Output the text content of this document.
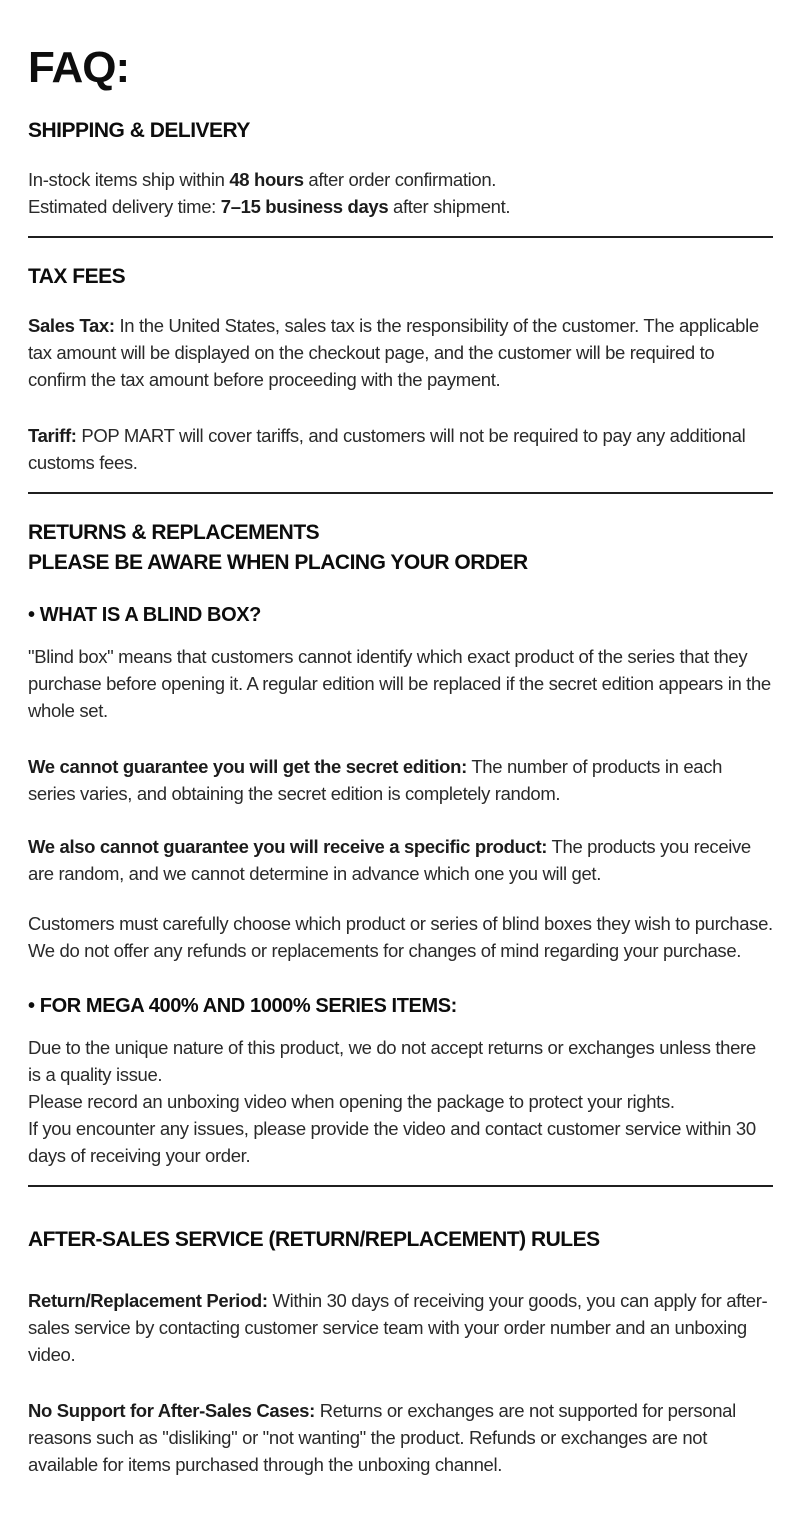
FAQ:
SHIPPING & DELIVERY

In-stock items ship within 48 hours after order confirmation.
Estimated delivery time: 7–15 business days after shipment.

TAX FEES

Sales Tax: In the United States, sales tax is the responsibility of the customer. The applicable tax amount will be displayed on the checkout page, and the customer will be required to confirm the tax amount before proceeding with the payment.

Tariff: POP MART will cover tariffs, and customers will not be required to pay any additional customs fees.

RETURNS & REPLACEMENTS
PLEASE BE AWARE WHEN PLACING YOUR ORDER
• WHAT IS A BLIND BOX?

"Blind box" means that customers cannot identify which exact product of the series that they purchase before opening it. A regular edition will be replaced if the secret edition appears in the whole set.

We cannot guarantee you will get the secret edition: The number of products in each series varies, and obtaining the secret edition is completely random.

We also cannot guarantee you will receive a specific product: The products you receive are random, and we cannot determine in advance which one you will get.

Customers must carefully choose which product or series of blind boxes they wish to purchase. We do not offer any refunds or replacements for changes of mind regarding your purchase.

• FOR MEGA 400% AND 1000% SERIES ITEMS:

Due to the unique nature of this product, we do not accept returns or exchanges unless there is a quality issue.
Please record an unboxing video when opening the package to protect your rights.
If you encounter any issues, please provide the video and contact customer service within 30 days of receiving your order.

AFTER-SALES SERVICE (RETURN/REPLACEMENT) RULES

Return/Replacement Period: Within 30 days of receiving your goods, you can apply for after-sales service by contacting customer service team with your order number and an unboxing video.

No Support for After-Sales Cases: Returns or exchanges are not supported for personal reasons such as "disliking" or "not wanting" the product. Refunds or exchanges are not available for items purchased through the unboxing channel.
